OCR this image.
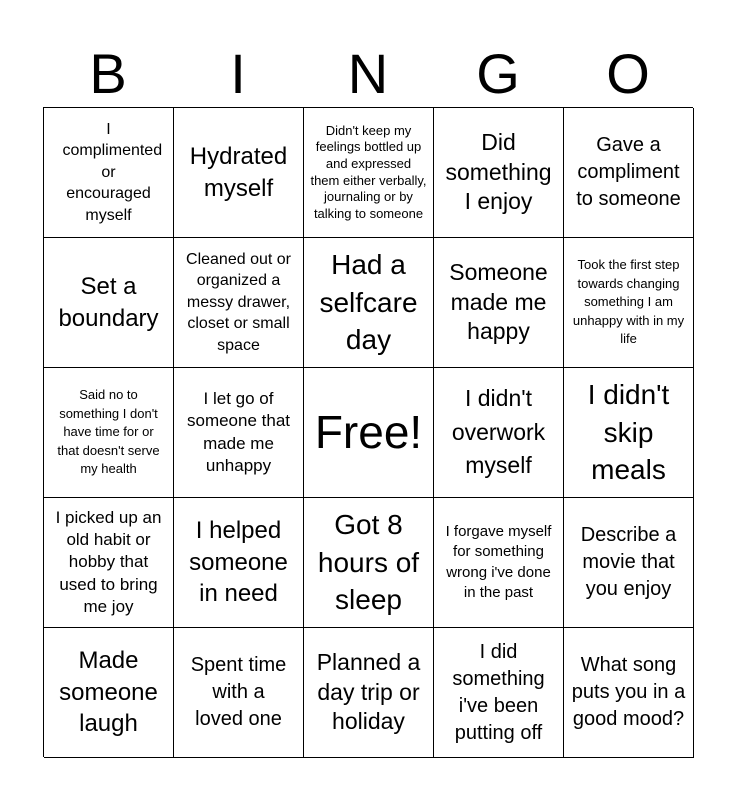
B	I	N	G	O
I complimented or encouraged myself
Hydrated myself
Didn't keep my feelings bottled up and expressed them either verbally, journaling or by talking to someone
Did something I enjoy
Gave a compliment to someone
Set a boundary
Cleaned out or organized a messy drawer, closet or small space
Had a selfcare day
Someone made me happy
Took the first step towards changing something I am unhappy with in my life
Said no to something I don't have time for or that doesn't serve my health
I let go of someone that made me unhappy
Free!
I didn't overwork myself
I didn't skip meals
I picked up an old habit or hobby that used to bring me joy
I helped someone in need
Got 8 hours of sleep
I forgave myself for something wrong i've done in the past
Describe a movie that you enjoy
Made someone laugh
Spent time with a loved one
Planned a day trip or holiday
I did something i've been putting off
What song puts you in a good mood?
